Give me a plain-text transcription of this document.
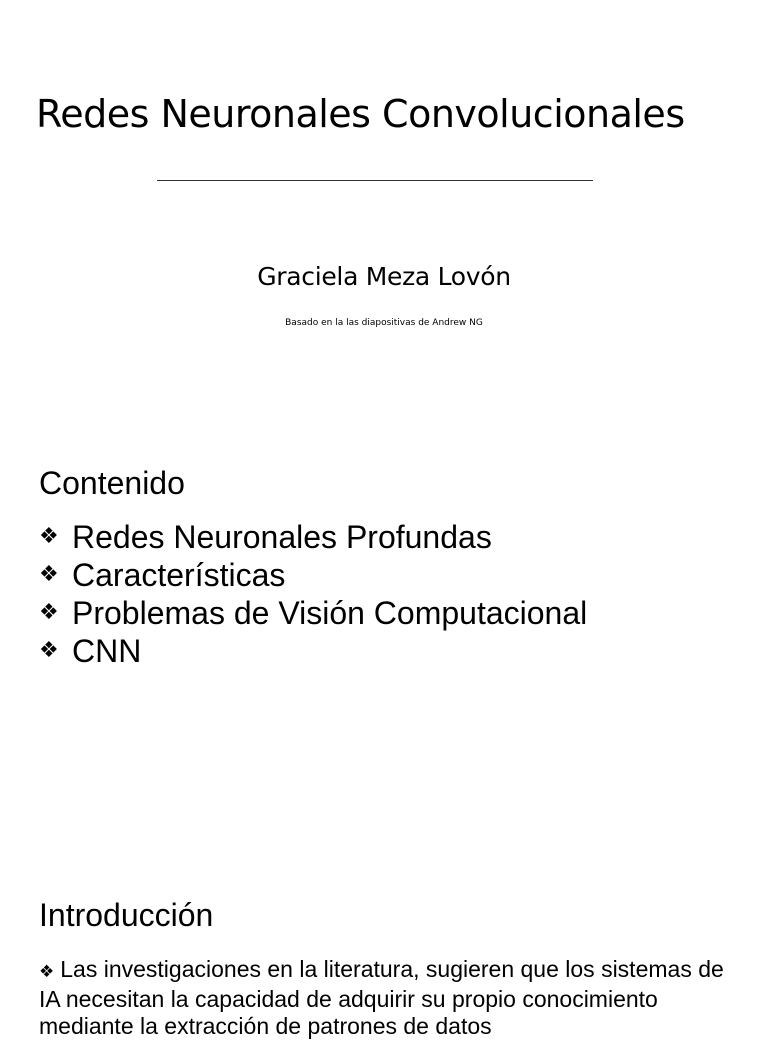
Redes Neuronales Convolucionales
Graciela Meza Lovón
Basado en la las diapositivas de Andrew NG
Contenido
❖ Redes Neuronales Profundas
❖ Características
❖ Problemas de Visión Computacional
❖ CNN
Introducción

❖ Las investigaciones en la literatura, sugieren que los sistemas de IA necesitan la capacidad de adquirir su propio conocimiento mediante la extracción de patrones de datos
